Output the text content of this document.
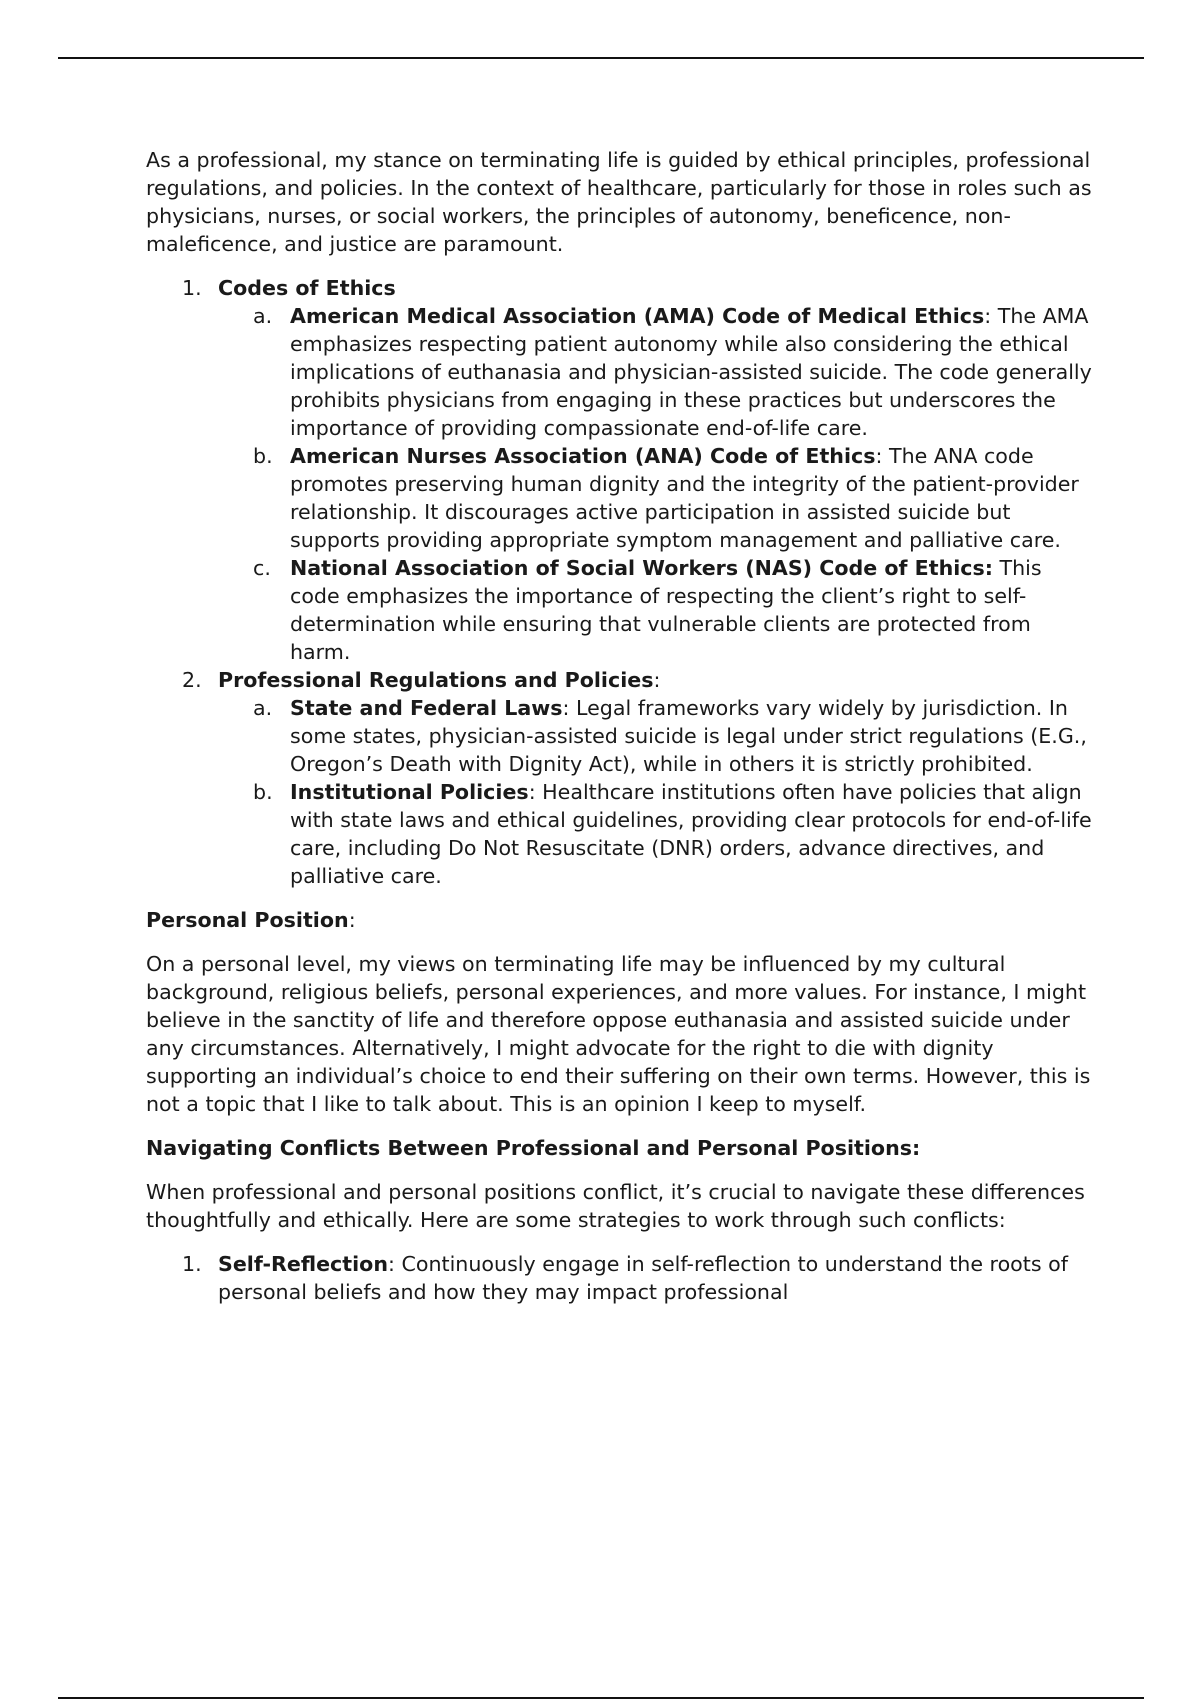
As a professional, my stance on terminating life is guided by ethical principles, professional regulations, and policies. In the context of healthcare, particularly for those in roles such as physicians, nurses, or social workers, the principles of autonomy, beneficence, non-maleficence, and justice are paramount.

1. Codes of Ethics
a. American Medical Association (AMA) Code of Medical Ethics: The AMA emphasizes respecting patient autonomy while also considering the ethical implications of euthanasia and physician-assisted suicide. The code generally prohibits physicians from engaging in these practices but underscores the importance of providing compassionate end-of-life care.
b. American Nurses Association (ANA) Code of Ethics: The ANA code promotes preserving human dignity and the integrity of the patient-provider relationship. It discourages active participation in assisted suicide but supports providing appropriate symptom management and palliative care.
c. National Association of Social Workers (NAS) Code of Ethics: This code emphasizes the importance of respecting the client’s right to self-determination while ensuring that vulnerable clients are protected from harm.
2. Professional Regulations and Policies:
a. State and Federal Laws: Legal frameworks vary widely by jurisdiction. In some states, physician-assisted suicide is legal under strict regulations (E.G., Oregon’s Death with Dignity Act), while in others it is strictly prohibited.
b. Institutional Policies: Healthcare institutions often have policies that align with state laws and ethical guidelines, providing clear protocols for end-of-life care, including Do Not Resuscitate (DNR) orders, advance directives, and palliative care.

Personal Position:

On a personal level, my views on terminating life may be influenced by my cultural background, religious beliefs, personal experiences, and more values. For instance, I might believe in the sanctity of life and therefore oppose euthanasia and assisted suicide under any circumstances. Alternatively, I might advocate for the right to die with dignity supporting an individual’s choice to end their suffering on their own terms. However, this is not a topic that I like to talk about. This is an opinion I keep to myself.

Navigating Conflicts Between Professional and Personal Positions:

When professional and personal positions conflict, it’s crucial to navigate these differences thoughtfully and ethically. Here are some strategies to work through such conflicts:

1. Self-Reflection: Continuously engage in self-reflection to understand the roots of personal beliefs and how they may impact professional
